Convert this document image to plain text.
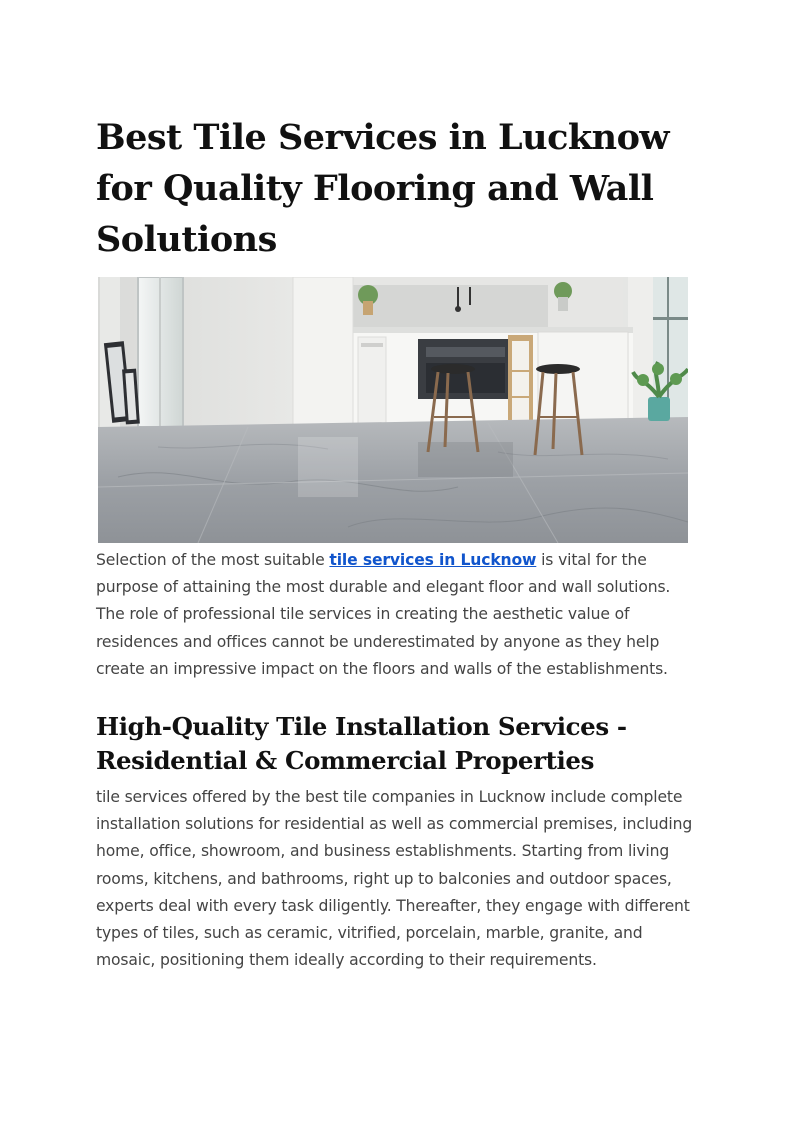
Best Tile Services in Lucknow for Quality Flooring and Wall Solutions

Selection of the most suitable tile services in Lucknow is vital for the purpose of attaining the most durable and elegant floor and wall solutions. The role of professional tile services in creating the aesthetic value of residences and offices cannot be underestimated by anyone as they help create an impressive impact on the floors and walls of the establishments.

High-Quality Tile Installation Services - Residential & Commercial Properties

tile services offered by the best tile companies in Lucknow include complete installation solutions for residential as well as commercial premises, including home, office, showroom, and business establishments. Starting from living rooms, kitchens, and bathrooms, right up to balconies and outdoor spaces, experts deal with every task diligently. Thereafter, they engage with different types of tiles, such as ceramic, vitrified, porcelain, marble, granite, and mosaic, positioning them ideally according to their requirements.
